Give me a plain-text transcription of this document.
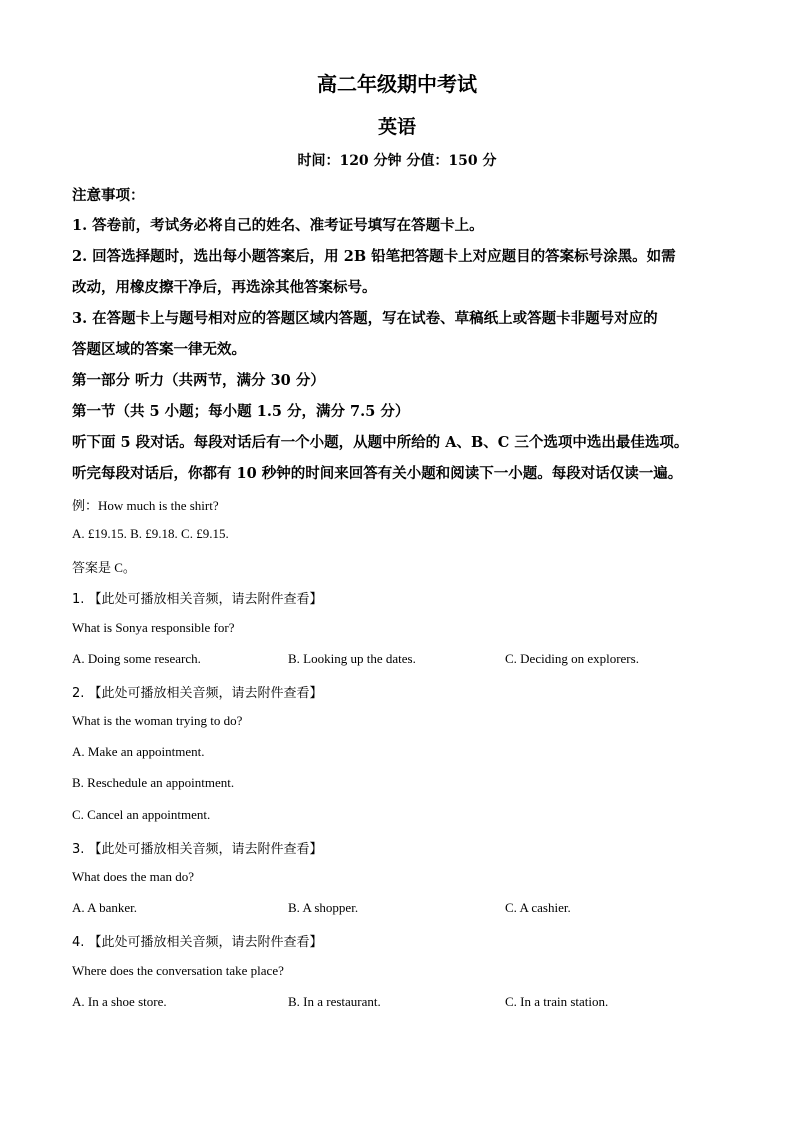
高二年级期中考试
英语
时间：120 分钟 分值：150 分
注意事项：
1. 答卷前，考试务必将自己的姓名、准考证号填写在答题卡上。
2. 回答选择题时，选出每小题答案后，用 2B 铅笔把答题卡上对应题目的答案标号涂黑。如需
改动，用橡皮擦干净后，再选涂其他答案标号。
3. 在答题卡上与题号相对应的答题区域内答题，写在试卷、草稿纸上或答题卡非题号对应的
答题区域的答案一律无效。
第一部分 听力（共两节，满分 30 分）
第一节（共 5 小题；每小题 1.5 分，满分 7.5 分）
听下面 5 段对话。每段对话后有一个小题，从题中所给的 A、B、C 三个选项中选出最佳选项。
听完每段对话后，你都有 10 秒钟的时间来回答有关小题和阅读下一小题。每段对话仅读一遍。
例：How much is the shirt?
A. £19.15. B. £9.18. C. £9.15.
答案是 C。
1. 【此处可播放相关音频，请去附件查看】
What is Sonya responsible for?
A. Doing some research.	B. Looking up the dates.	C. Deciding on explorers.
2. 【此处可播放相关音频，请去附件查看】
What is the woman trying to do?
A. Make an appointment.
B. Reschedule an appointment.
C. Cancel an appointment.
3. 【此处可播放相关音频，请去附件查看】
What does the man do?
A. A banker.	B. A shopper.	C. A cashier.
4. 【此处可播放相关音频，请去附件查看】
Where does the conversation take place?
A. In a shoe store.	B. In a restaurant.	C. In a train station.
